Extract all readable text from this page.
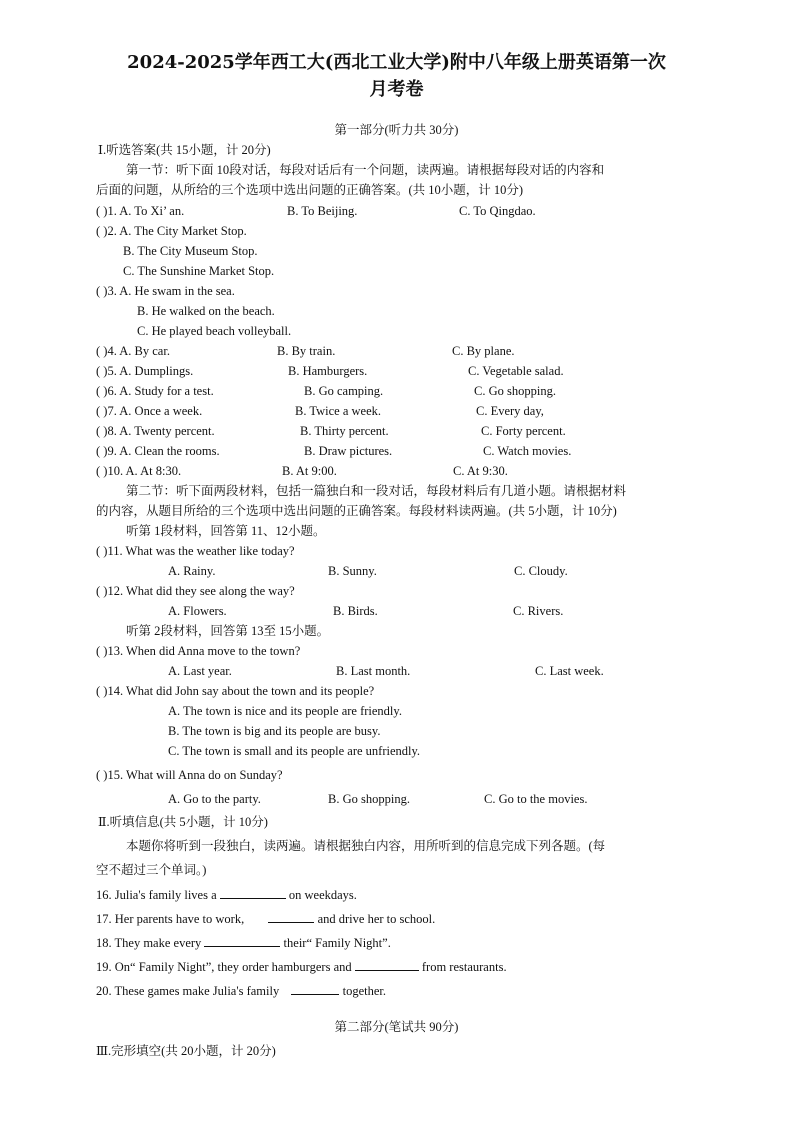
2024-2025学年西工大(西北工业大学)附中八年级上册英语第一次
月考卷
第一部分(听力共 30分)
Ⅰ.听选答案(共 15小题，计 20分)
第一节：听下面 10段对话，每段对话后有一个问题，读两遍。请根据每段对话的内容和
后面的问题，从所给的三个选项中选出问题的正确答案。(共 10小题，计 10分)
( )1. A. To Xi’ an.	B. To Beijing.	C. To Qingdao.
( )2. A. The City Market Stop.
B. The City Museum Stop.
C. The Sunshine Market Stop.
( )3. A. He swam in the sea.
B. He walked on the beach.
C. He played beach volleyball.
( )4. A. By car.	B. By train.	C. By plane.
( )5. A. Dumplings.	B. Hamburgers.	C. Vegetable salad.
( )6. A. Study for a test.	B. Go camping.	C. Go shopping.
( )7. A. Once a week.	B. Twice a week.	C. Every day,
( )8. A. Twenty percent.	B. Thirty percent.	C. Forty percent.
( )9. A. Clean the rooms.	B. Draw pictures.	C. Watch movies.
( )10. A. At 8:30.	B. At 9:00.	C. At 9:30.
第二节：听下面两段材料，包括一篇独白和一段对话，每段材料后有几道小题。请根据材料
的内容，从题目所给的三个选项中选出问题的正确答案。每段材料读两遍。(共 5小题，计 10分)
听第 1段材料，回答第 11、12小题。
( )11. What was the weather like today?
A. Rainy.	B. Sunny.	C. Cloudy.
( )12. What did they see along the way?
A. Flowers.	B. Birds.	C. Rivers.
听第 2段材料，回答第 13至 15小题。
( )13. When did Anna move to the town?
A. Last year.	B. Last month.	C. Last week.
( )14. What did John say about the town and its people?
A. The town is nice and its people are friendly.
B. The town is big and its people are busy.
C. The town is small and its people are unfriendly.
( )15. What will Anna do on Sunday?
A. Go to the party.	B. Go shopping.	C. Go to the movies.
Ⅱ.听填信息(共 5小题，计 10分)
本题你将听到一段独白，读两遍。请根据独白内容，用所听到的信息完成下列各题。(每
空不超过三个单词。)
16. Julia's family lives a	on weekdays.
17. Her parents have to work,	and drive her to school.
18. They make every	their“ Family Night”.
19. On“ Family Night”, they order hamburgers and	from restaurants.
20. These games make Julia's family	together.
第二部分(笔试共 90分)
Ⅲ.完形填空(共 20小题，计 20分)
